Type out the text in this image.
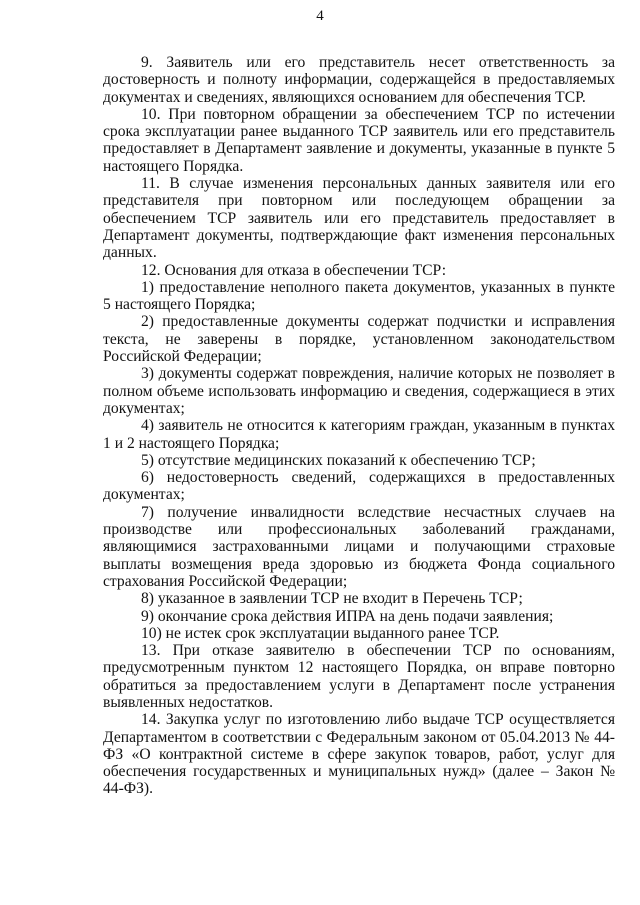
4

9. Заявитель или его представитель несет ответственность за достоверность и полноту информации, содержащейся в предоставляемых документах и сведениях, являющихся основанием для обеспечения ТСР.

10. При повторном обращении за обеспечением ТСР по истечении срока эксплуатации ранее выданного ТСР заявитель или его представитель предоставляет в Департамент заявление и документы, указанные в пункте 5 настоящего Порядка.

11. В случае изменения персональных данных заявителя или его представителя при повторном или последующем обращении за обеспечением ТСР заявитель или его представитель предоставляет в Департамент документы, подтверждающие факт изменения персональных данных.

12. Основания для отказа в обеспечении ТСР:

1) предоставление неполного пакета документов, указанных в пункте 5 настоящего Порядка;

2) предоставленные документы содержат подчистки и исправления текста, не заверены в порядке, установленном законодательством Российской Федерации;

3) документы содержат повреждения, наличие которых не позволяет в полном объеме использовать информацию и сведения, содержащиеся в этих документах;

4) заявитель не относится к категориям граждан, указанным в пунктах 1 и 2 настоящего Порядка;

5) отсутствие медицинских показаний к обеспечению ТСР;

6) недостоверность сведений, содержащихся в предоставленных документах;

7) получение инвалидности вследствие несчастных случаев на производстве или профессиональных заболеваний гражданами, являющимися застрахованными лицами и получающими страховые выплаты возмещения вреда здоровью из бюджета Фонда социального страхования Российской Федерации;

8) указанное в заявлении ТСР не входит в Перечень ТСР;

9) окончание срока действия ИПРА на день подачи заявления;

10) не истек срок эксплуатации выданного ранее ТСР.

13. При отказе заявителю в обеспечении ТСР по основаниям, предусмотренным пунктом 12 настоящего Порядка, он вправе повторно обратиться за предоставлением услуги в Департамент после устранения выявленных недостатков.

14. Закупка услуг по изготовлению либо выдаче ТСР осуществляется Департаментом в соответствии с Федеральным законом от 05.04.2013 № 44-ФЗ «О контрактной системе в сфере закупок товаров, работ, услуг для обеспечения государственных и муниципальных нужд» (далее – Закон № 44-ФЗ).
